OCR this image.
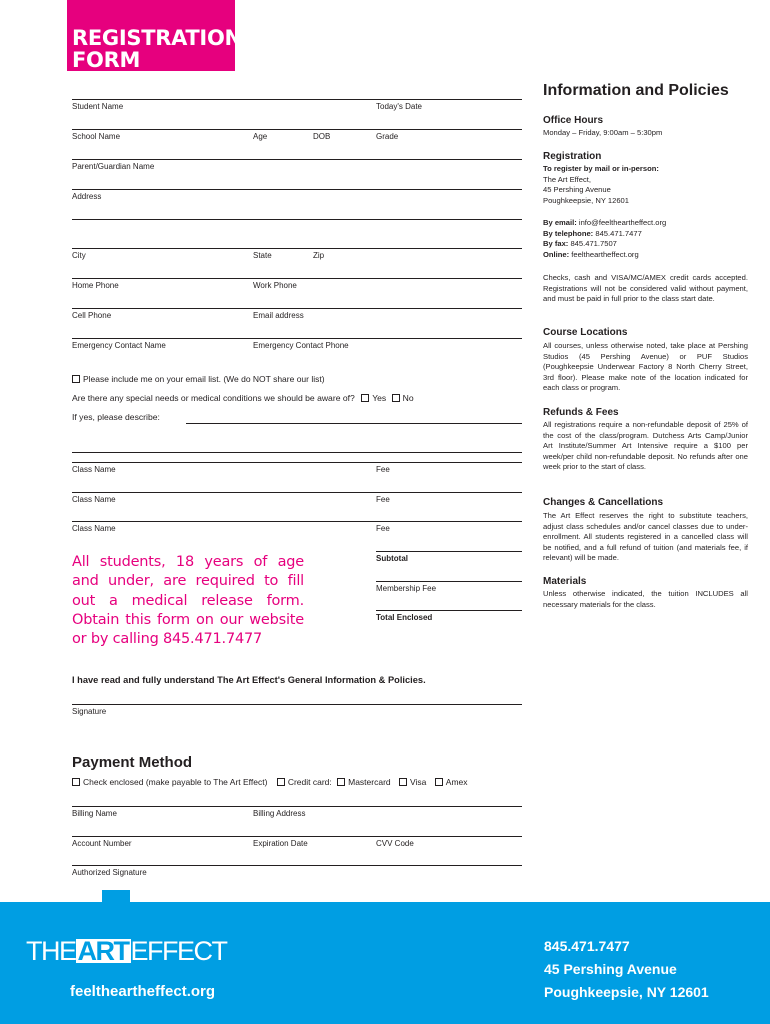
REGISTRATION
FORM
Student Name	Today's Date
School Name	Age	DOB	Grade
Parent/Guardian Name
Address
City	State	Zip
Home Phone	Work Phone
Cell Phone	Email address
Emergency Contact Name	Emergency Contact Phone
Please include me on your email list. (We do NOT share our list)
Are there any special needs or medical conditions we should be aware of? Yes No
If yes, please describe:
Class Name	Fee
Class Name	Fee
Class Name	Fee
Subtotal
Membership Fee
Total Enclosed
All students, 18 years of age and under, are required to fill out a medical release form. Obtain this form on our website or by calling 845.471.7477
I have read and fully understand The Art Effect's General Information & Policies.
Signature
Payment Method
Check enclosed (make payable to The Art Effect) Credit card: Mastercard Visa Amex
Billing Name	Billing Address
Account Number	Expiration Date	CVV Code
Authorized Signature
Information and Policies
Office Hours
Monday – Friday, 9:00am – 5:30pm
Registration
To register by mail or in-person:
The Art Effect,
45 Pershing Avenue
Poughkeepsie, NY 12601
By email: info@feeltheartheffect.org
By telephone: 845.471.7477
By fax: 845.471.7507
Online: feeltheartheffect.org
Checks, cash and VISA/MC/AMEX credit cards accepted. Registrations will not be considered valid without payment, and must be paid in full prior to the class start date.
Course Locations
All courses, unless otherwise noted, take place at Pershing Studios (45 Pershing Avenue) or PUF Studios (Poughkeepsie Underwear Factory 8 North Cherry Street, 3rd floor). Please make note of the location indicated for each class or program.
Refunds & Fees
All registrations require a non-refundable deposit of 25% of the cost of the class/program. Dutchess Arts Camp/Junior Art Institute/Summer Art Intensive require a $100 per week/per child non-refundable deposit. No refunds after one week prior to the start of class.
Changes & Cancellations
The Art Effect reserves the right to substitute teachers, adjust class schedules and/or cancel classes due to under-enrollment. All students registered in a cancelled class will be notified, and a full refund of tuition (and materials fee, if relevant) will be made.
Materials
Unless otherwise indicated, the tuition INCLUDES all necessary materials for the class.
THEARTEFFECT
feeltheartheffect.org
845.471.7477
45 Pershing Avenue
Poughkeepsie, NY 12601
